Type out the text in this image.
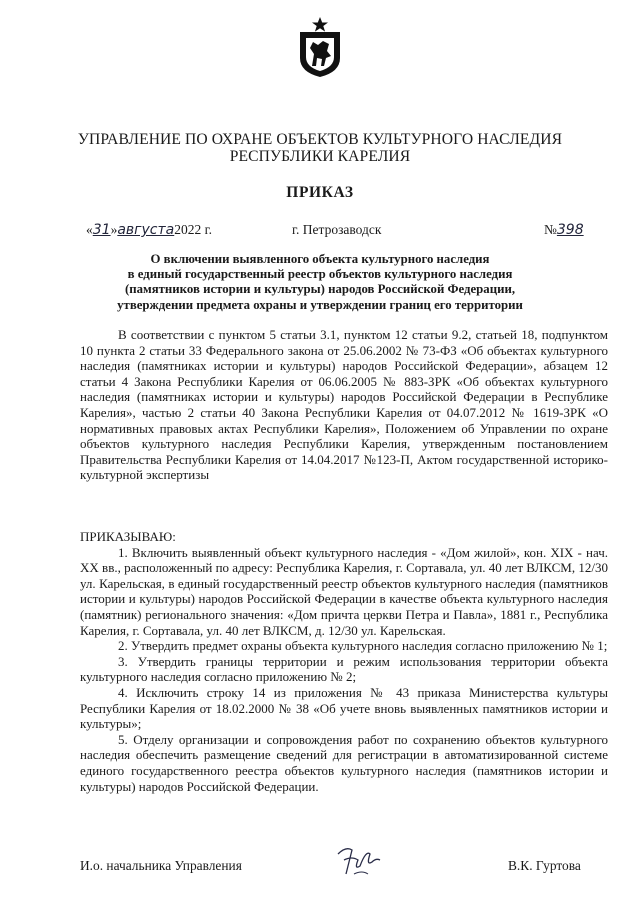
УПРАВЛЕНИЕ ПО ОХРАНЕ ОБЪЕКТОВ КУЛЬТУРНОГО НАСЛЕДИЯ
РЕСПУБЛИКИ КАРЕЛИЯ
ПРИКАЗ
«31»августа2022 г.	г. Петрозаводск	№398
О включении выявленного объекта культурного наследия
в единый государственный реестр объектов культурного наследия
(памятников истории и культуры) народов Российской Федерации,
утверждении предмета охраны и утверждении границ его территории

В соответствии с пунктом 5 статьи 3.1, пунктом 12 статьи 9.2, статьей 18, подпунктом 10 пункта 2 статьи 33 Федерального закона от 25.06.2002 № 73-ФЗ «Об объектах культурного наследия (памятниках истории и культуры) народов Российской Федерации», абзацем 12 статьи 4 Закона Республики Карелия от 06.06.2005 № 883-ЗРК «Об объектах культурного наследия (памятниках истории и культуры) народов Российской Федерации в Республике Карелия», частью 2 статьи 40 Закона Республики Карелия от 04.07.2012 № 1619-ЗРК «О нормативных правовых актах Республики Карелия», Положением об Управлении по охране объектов культурного наследия Республики Карелия, утвержденным постановлением Правительства Республики Карелия от 14.04.2017 №123-П, Актом государственной историко-культурной экспертизы

ПРИКАЗЫВАЮ:

1. Включить выявленный объект культурного наследия - «Дом жилой», кон. XIX - нач. XX вв., расположенный по адресу: Республика Карелия, г. Сортавала, ул. 40 лет ВЛКСМ, 12/30 ул. Карельская, в единый государственный реестр объектов культурного наследия (памятников истории и культуры) народов Российской Федерации в качестве объекта культурного наследия (памятник) регионального значения: «Дом причта церкви Петра и Павла», 1881 г., Республика Карелия, г. Сортавала, ул. 40 лет ВЛКСМ, д. 12/30 ул. Карельская.

2. Утвердить предмет охраны объекта культурного наследия согласно приложению № 1;

3. Утвердить границы территории и режим использования территории объекта культурного наследия согласно приложению № 2;

4. Исключить строку 14 из приложения № 43 приказа Министерства культуры Республики Карелия от 18.02.2000 № 38 «Об учете вновь выявленных памятников истории и культуры»;

5. Отделу организации и сопровождения работ по сохранению объектов культурного наследия обеспечить размещение сведений для регистрации в автоматизированной системе единого государственного реестра объектов культурного наследия (памятников истории и культуры) народов Российской Федерации.

И.о. начальника Управления	В.К. Гуртова
